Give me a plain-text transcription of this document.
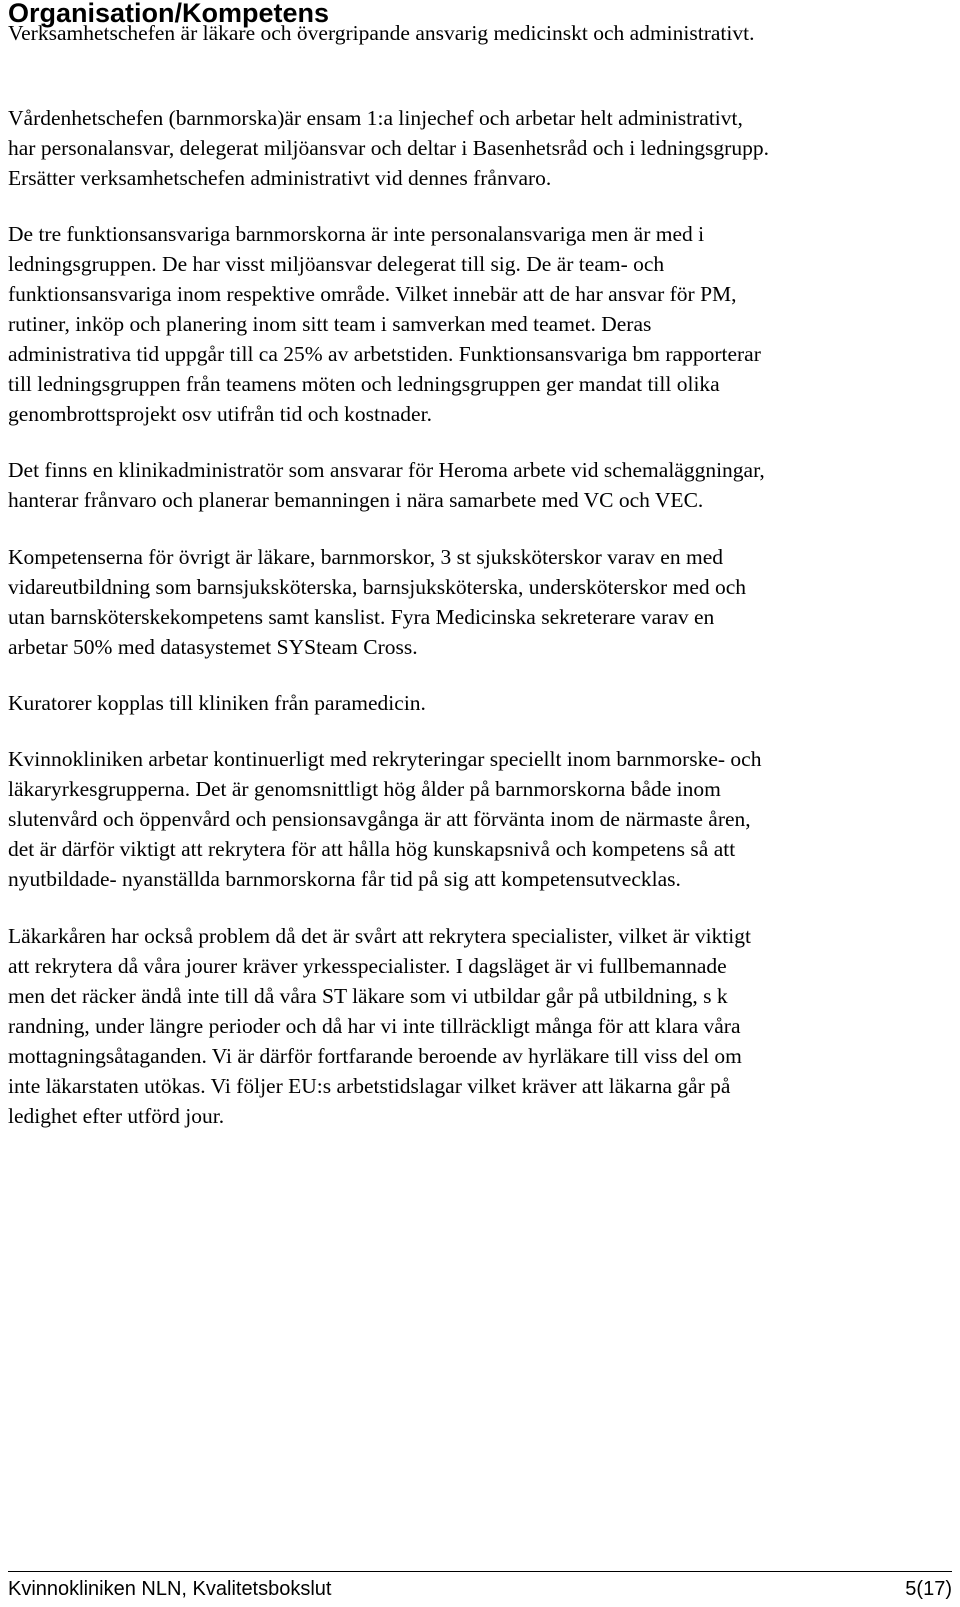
Organisation/Kompetens

Verksamhetschefen är läkare och övergripande ansvarig medicinskt och administrativt.

Vårdenhetschefen (barnmorska)är ensam 1:a linjechef och arbetar helt administrativt,
har personalansvar, delegerat miljöansvar och deltar i Basenhetsråd och i ledningsgrupp.
Ersätter verksamhetschefen administrativt vid dennes frånvaro.

De tre funktionsansvariga barnmorskorna är inte personalansvariga men är med i
ledningsgruppen. De har visst miljöansvar delegerat till sig. De är team- och
funktionsansvariga inom respektive område. Vilket innebär att de har ansvar för PM,
rutiner, inköp och planering inom sitt team i samverkan med teamet. Deras
administrativa tid uppgår till ca 25% av arbetstiden. Funktionsansvariga bm rapporterar
till ledningsgruppen från teamens möten och ledningsgruppen ger mandat till olika
genombrottsprojekt osv utifrån tid och kostnader.

Det finns en klinikadministratör som ansvarar för Heroma arbete vid schemaläggningar,
hanterar frånvaro och planerar bemanningen i nära samarbete med VC och VEC.

Kompetenserna för övrigt är läkare, barnmorskor, 3 st sjuksköterskor varav en med
vidareutbildning som barnsjuksköterska, barnsjuksköterska, undersköterskor med och
utan barnsköterskekompetens samt kanslist. Fyra Medicinska sekreterare varav en
arbetar 50% med datasystemet SYSteam Cross.

Kuratorer kopplas till kliniken från paramedicin.

Kvinnokliniken arbetar kontinuerligt med rekryteringar speciellt inom barnmorske- och
läkaryrkesgrupperna. Det är genomsnittligt hög ålder på barnmorskorna både inom
slutenvård och öppenvård och pensionsavgånga är att förvänta inom de närmaste åren,
det är därför viktigt att rekrytera för att hålla hög kunskapsnivå och kompetens så att
nyutbildade- nyanställda barnmorskorna får tid på sig att kompetensutvecklas.

Läkarkåren har också problem då det är svårt att rekrytera specialister, vilket är viktigt
att rekrytera då våra jourer kräver yrkesspecialister. I dagsläget är vi fullbemannade
men det räcker ändå inte till då våra ST läkare som vi utbildar går på utbildning, s k
randning, under längre perioder och då har vi inte tillräckligt många för att klara våra
mottagningsåtaganden. Vi är därför fortfarande beroende av hyrläkare till viss del om
inte läkarstaten utökas. Vi följer EU:s arbetstidslagar vilket kräver att läkarna går på
ledighet efter utförd jour.

Kvinnokliniken NLN, Kvalitetsbokslut	5(17)
